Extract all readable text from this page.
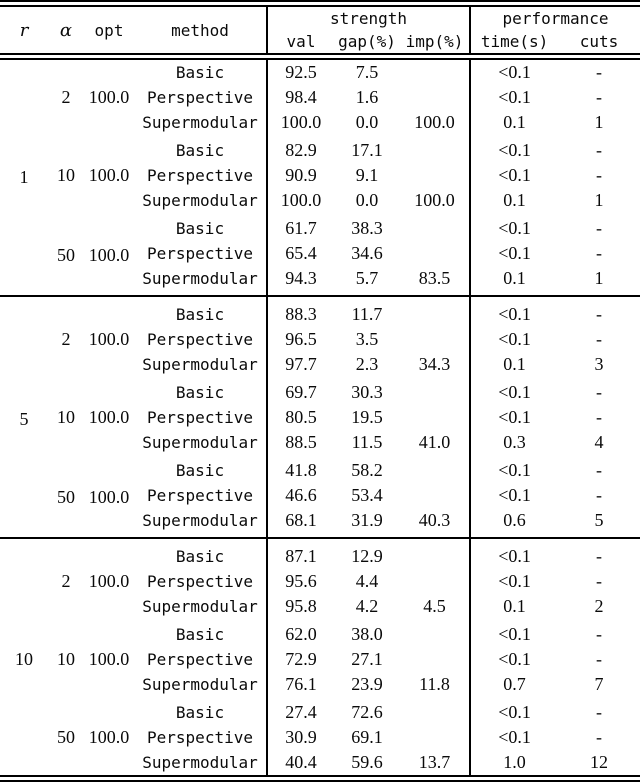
r	α	opt	method	strength			performance	
				val	gap(%)	imp(%)	time(s)	cuts
1	2	100.0	Basic	92.5	7.5		<0.1	-
			Perspective	98.4	1.6		<0.1	-
			Supermodular	100.0	0.0	100.0	0.1	1
	10	100.0	Basic	82.9	17.1		<0.1	-
			Perspective	90.9	9.1		<0.1	-
			Supermodular	100.0	0.0	100.0	0.1	1
	50	100.0	Basic	61.7	38.3		<0.1	-
			Perspective	65.4	34.6		<0.1	-
			Supermodular	94.3	5.7	83.5	0.1	1
5	2	100.0	Basic	88.3	11.7		<0.1	-
			Perspective	96.5	3.5		<0.1	-
			Supermodular	97.7	2.3	34.3	0.1	3
	10	100.0	Basic	69.7	30.3		<0.1	-
			Perspective	80.5	19.5		<0.1	-
			Supermodular	88.5	11.5	41.0	0.3	4
	50	100.0	Basic	41.8	58.2		<0.1	-
			Perspective	46.6	53.4		<0.1	-
			Supermodular	68.1	31.9	40.3	0.6	5
10	2	100.0	Basic	87.1	12.9		<0.1	-
			Perspective	95.6	4.4		<0.1	-
			Supermodular	95.8	4.2	4.5	0.1	2
	10	100.0	Basic	62.0	38.0		<0.1	-
			Perspective	72.9	27.1		<0.1	-
			Supermodular	76.1	23.9	11.8	0.7	7
	50	100.0	Basic	27.4	72.6		<0.1	-
			Perspective	30.9	69.1		<0.1	-
			Supermodular	40.4	59.6	13.7	1.0	12
